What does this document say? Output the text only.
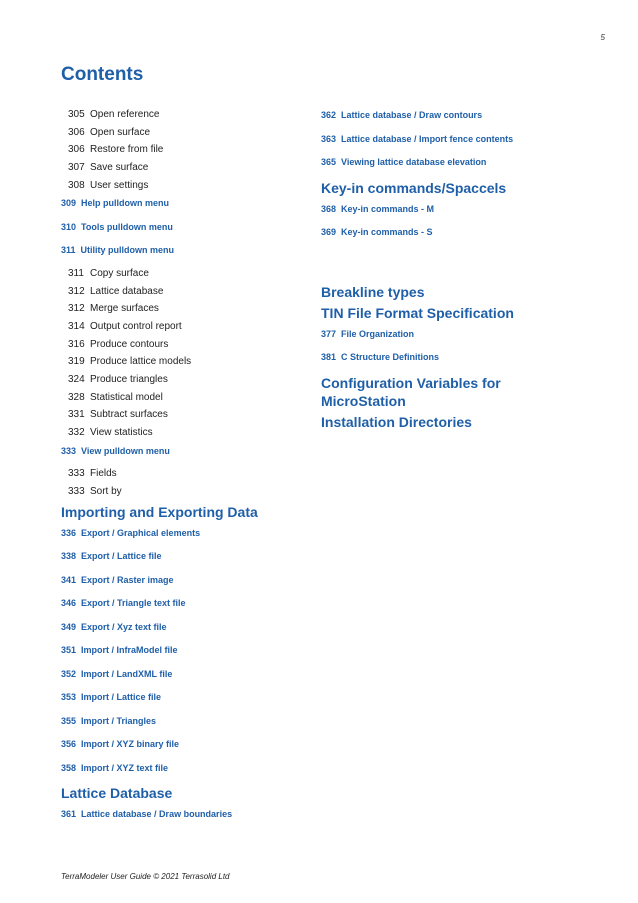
5
Contents
305 Open reference
306 Open surface
306 Restore from file
307 Save surface
308 User settings
309 Help pulldown menu
310 Tools pulldown menu
311 Utility pulldown menu
311 Copy surface
312 Lattice database
312 Merge surfaces
314 Output control report
316 Produce contours
319 Produce lattice models
324 Produce triangles
328 Statistical model
331 Subtract surfaces
332 View statistics
333 View pulldown menu
333 Fields
333 Sort by
Importing and Exporting Data
336 Export / Graphical elements
338 Export / Lattice file
341 Export / Raster image
346 Export / Triangle text file
349 Export / Xyz text file
351 Import / InfraModel file
352 Import / LandXML file
353 Import / Lattice file
355 Import / Triangles
356 Import / XYZ binary file
358 Import / XYZ text file
Lattice Database
361 Lattice database / Draw boundaries
362 Lattice database / Draw contours
363 Lattice database / Import fence contents
365 Viewing lattice database elevation
Key-in commands/Spaccels
368 Key-in commands - M
369 Key-in commands - S
Breakline types
TIN File Format Specification
377 File Organization
381 C Structure Definitions
Configuration Variables for
MicroStation
Installation Directories
TerraModeler User Guide © 2021 Terrasolid Ltd
